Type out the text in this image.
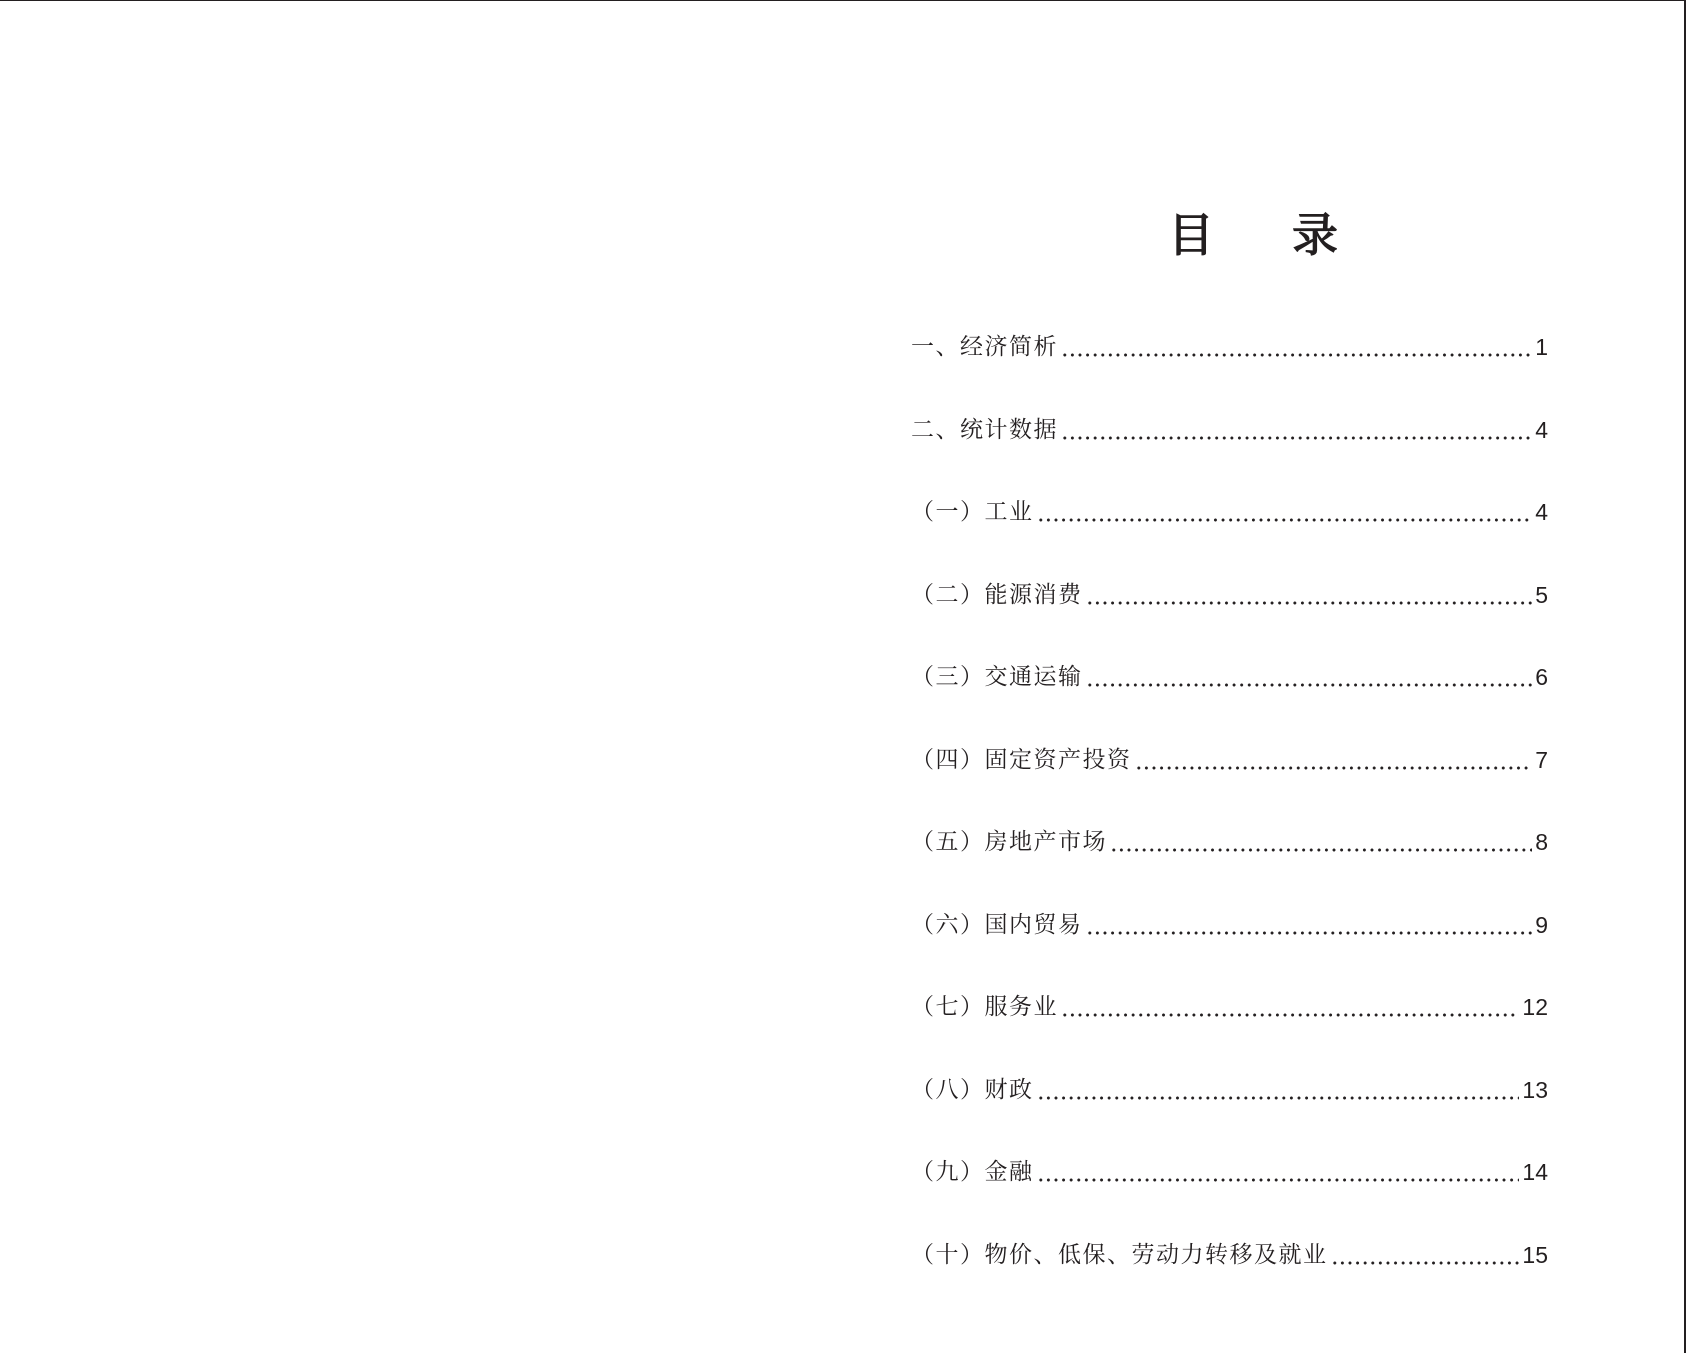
目 录
一、经济简析	1
二、统计数据	4
（一）工业	4
（二）能源消费	5
（三）交通运输	6
（四）固定资产投资	7
（五）房地产市场	8
（六）国内贸易	9
（七）服务业	12
（八）财政	13
（九）金融	14
（十）物价、低保、劳动力转移及就业	15
